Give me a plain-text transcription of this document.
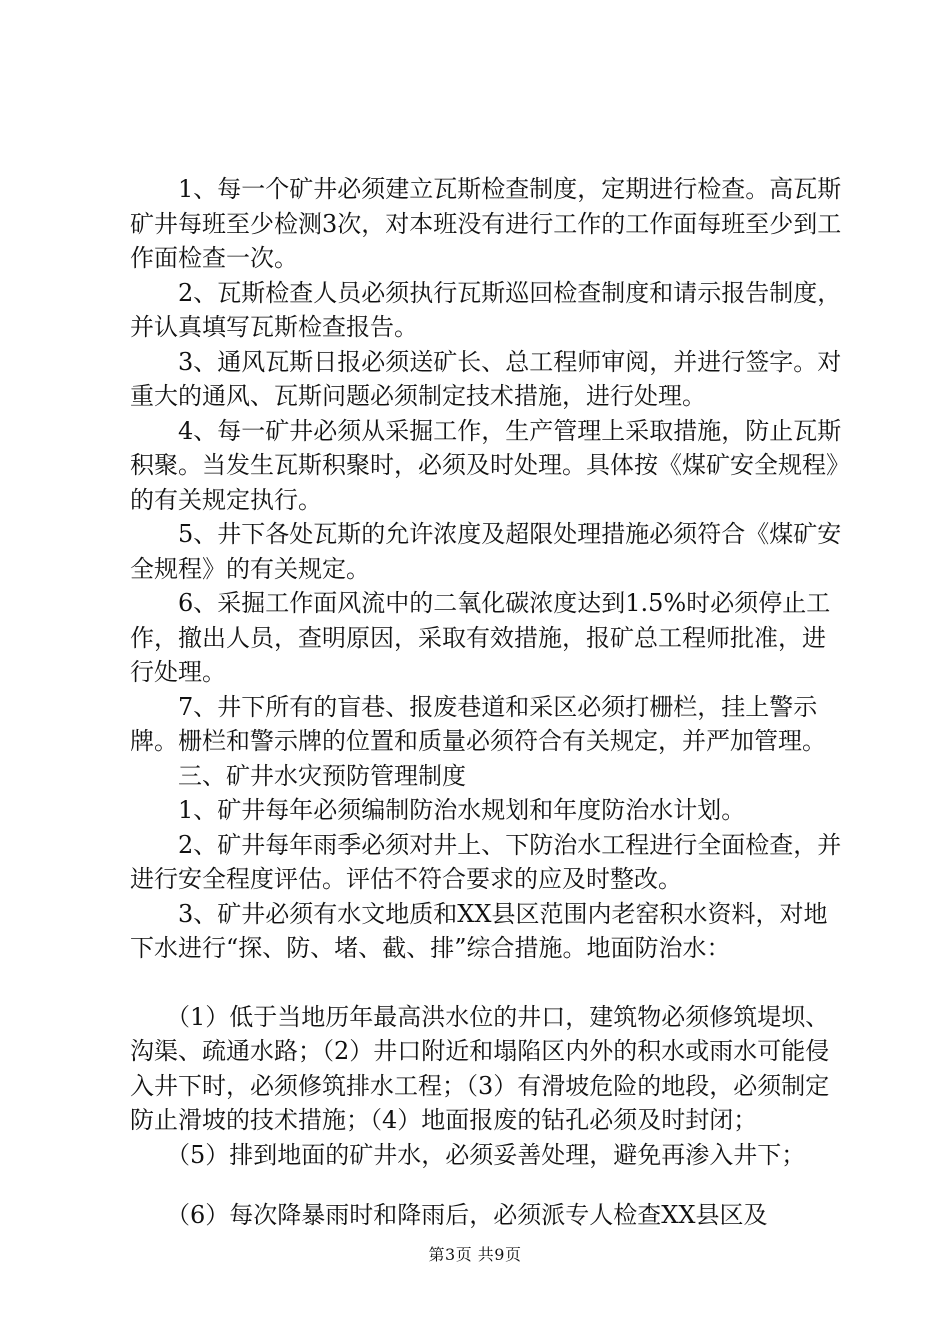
　　1、每一个矿井必须建立瓦斯检查制度，定期进行检查。高瓦斯矿井每班至少检测3次，对本班没有进行工作的工作面每班至少到工作面检查一次。

　　2、瓦斯检查人员必须执行瓦斯巡回检查制度和请示报告制度，并认真填写瓦斯检查报告。

　　3、通风瓦斯日报必须送矿长、总工程师审阅，并进行签字。对重大的通风、瓦斯问题必须制定技术措施，进行处理。

　　4、每一矿井必须从采掘工作，生产管理上采取措施，防止瓦斯积聚。当发生瓦斯积聚时，必须及时处理。具体按《煤矿安全规程》的有关规定执行。

　　5、井下各处瓦斯的允许浓度及超限处理措施必须符合《煤矿安全规程》的有关规定。

　　6、采掘工作面风流中的二氧化碳浓度达到1.5%时必须停止工作，撤出人员，查明原因，采取有效措施，报矿总工程师批准，进行处理。

　　7、井下所有的盲巷、报废巷道和采区必须打栅栏，挂上警示牌。栅栏和警示牌的位置和质量必须符合有关规定，并严加管理。

　　三、矿井水灾预防管理制度

　　1、矿井每年必须编制防治水规划和年度防治水计划。

　　2、矿井每年雨季必须对井上、下防治水工程进行全面检查，并进行安全程度评估。评估不符合要求的应及时整改。

　　3、矿井必须有水文地质和XX县区范围内老窑积水资料，对地下水进行“探、防、堵、截、排”综合措施。地面防治水：

　　（1）低于当地历年最高洪水位的井口，建筑物必须修筑堤坝、沟渠、疏通水路；（2）井口附近和塌陷区内外的积水或雨水可能侵入井下时，必须修筑排水工程；（3）有滑坡危险的地段，必须制定防止滑坡的技术措施；（4）地面报废的钻孔必须及时封闭；

　　（5）排到地面的矿井水，必须妥善处理，避免再渗入井下；

　　（6）每次降暴雨时和降雨后，必须派专人检查XX县区及

第3页 共9页
